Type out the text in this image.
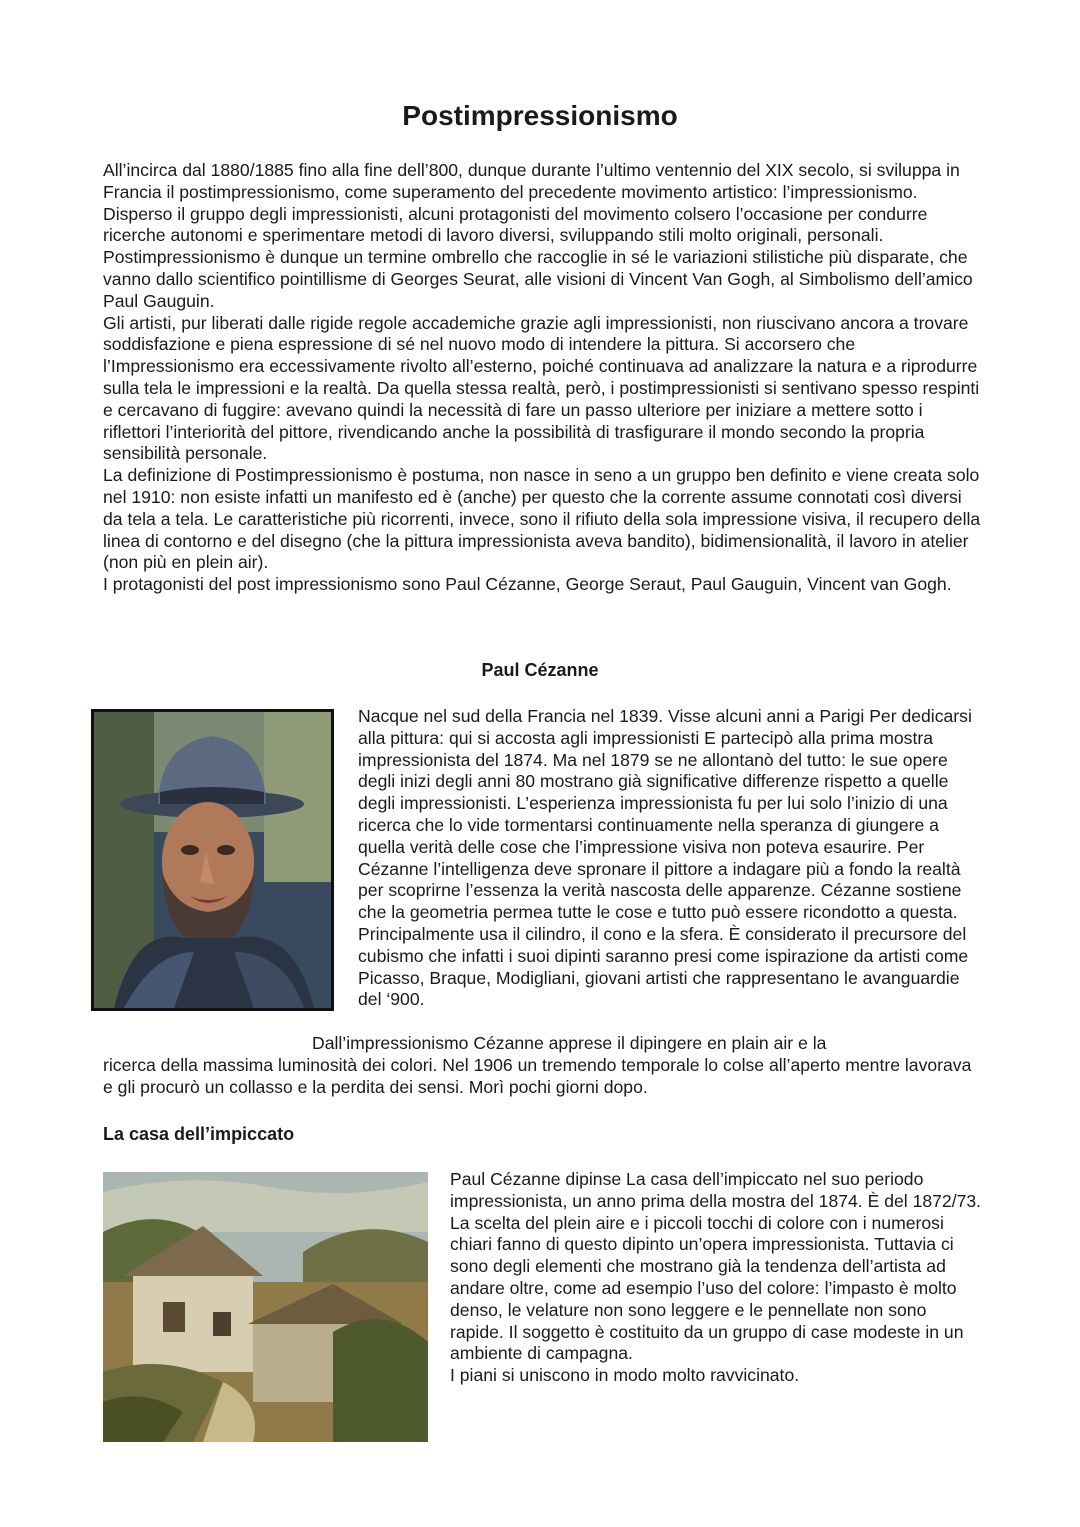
Postimpressionismo

All’incirca dal 1880/1885 fino alla fine dell’800, dunque durante l’ultimo ventennio del XIX secolo, si sviluppa in Francia il postimpressionismo, come superamento del precedente movimento artistico: l’impressionismo. Disperso il gruppo degli impressionisti, alcuni protagonisti del movimento colsero l’occasione per condurre ricerche autonomi e sperimentare metodi di lavoro diversi, sviluppando stili molto originali, personali. Postimpressionismo è dunque un termine ombrello che raccoglie in sé le variazioni stilistiche più disparate, che vanno dallo scientifico pointillisme di Georges Seurat, alle visioni di Vincent Van Gogh, al Simbolismo dell’amico Paul Gauguin.

Gli artisti, pur liberati dalle rigide regole accademiche grazie agli impressionisti, non riuscivano ancora a trovare soddisfazione e piena espressione di sé nel nuovo modo di intendere la pittura. Si accorsero che l’Impressionismo era eccessivamente rivolto all’esterno, poiché continuava ad analizzare la natura e a riprodurre sulla tela le impressioni e la realtà. Da quella stessa realtà, però, i postimpressionisti si sentivano spesso respinti e cercavano di fuggire: avevano quindi la necessità di fare un passo ulteriore per iniziare a mettere sotto i riflettori l’interiorità del pittore, rivendicando anche la possibilità di trasfigurare il mondo secondo la propria sensibilità personale.

La definizione di Postimpressionismo è postuma, non nasce in seno a un gruppo ben definito e viene creata solo nel 1910: non esiste infatti un manifesto ed è (anche) per questo che la corrente assume connotati così diversi da tela a tela. Le caratteristiche più ricorrenti, invece, sono il rifiuto della sola impressione visiva, il recupero della linea di contorno e del disegno (che la pittura impressionista aveva bandito), bidimensionalità, il lavoro in atelier (non più en plein air).

I protagonisti del post impressionismo sono Paul Cézanne, George Seraut, Paul Gauguin, Vincent van Gogh.

Paul Cézanne

Nacque nel sud della Francia nel 1839. Visse alcuni anni a Parigi Per dedicarsi alla pittura: qui si accosta agli impressionisti E partecipò alla prima mostra impressionista del 1874. Ma nel 1879 se ne allontanò del tutto: le sue opere degli inizi degli anni 80 mostrano già significative differenze rispetto a quelle degli impressionisti. L’esperienza impressionista fu per lui solo l’inizio di una ricerca che lo vide tormentarsi continuamente nella speranza di giungere a quella verità delle cose che l’impressione visiva non poteva esaurire. Per Cézanne l’intelligenza deve spronare il pittore a indagare più a fondo la realtà per scoprirne l’essenza la verità nascosta delle apparenze. Cézanne sostiene che la geometria permea tutte le cose e tutto può essere ricondotto a questa. Principalmente usa il cilindro, il cono e la sfera. È considerato il precursore del cubismo che infatti i suoi dipinti saranno presi come ispirazione da artisti come Picasso, Braque, Modigliani, giovani artisti che rappresentano le avanguardie del ‘900.

Dall’impressionismo Cézanne apprese il dipingere en plain air e la
ricerca della massima luminosità dei colori. Nel 1906 un tremendo temporale lo colse all’aperto mentre lavorava e gli procurò un collasso e la perdita dei sensi. Morì pochi giorni dopo.

La casa dell’impiccato

Paul Cézanne dipinse La casa dell’impiccato nel suo periodo impressionista, un anno prima della mostra del 1874. È del 1872/73. La scelta del plein aire e i piccoli tocchi di colore con i numerosi chiari fanno di questo dipinto un’opera impressionista. Tuttavia ci sono degli elementi che mostrano già la tendenza dell’artista ad andare oltre, come ad esempio l’uso del colore: l’impasto è molto denso, le velature non sono leggere e le pennellate non sono rapide. Il soggetto è costituito da un gruppo di case modeste in un ambiente di campagna.

I piani si uniscono in modo molto ravvicinato.
